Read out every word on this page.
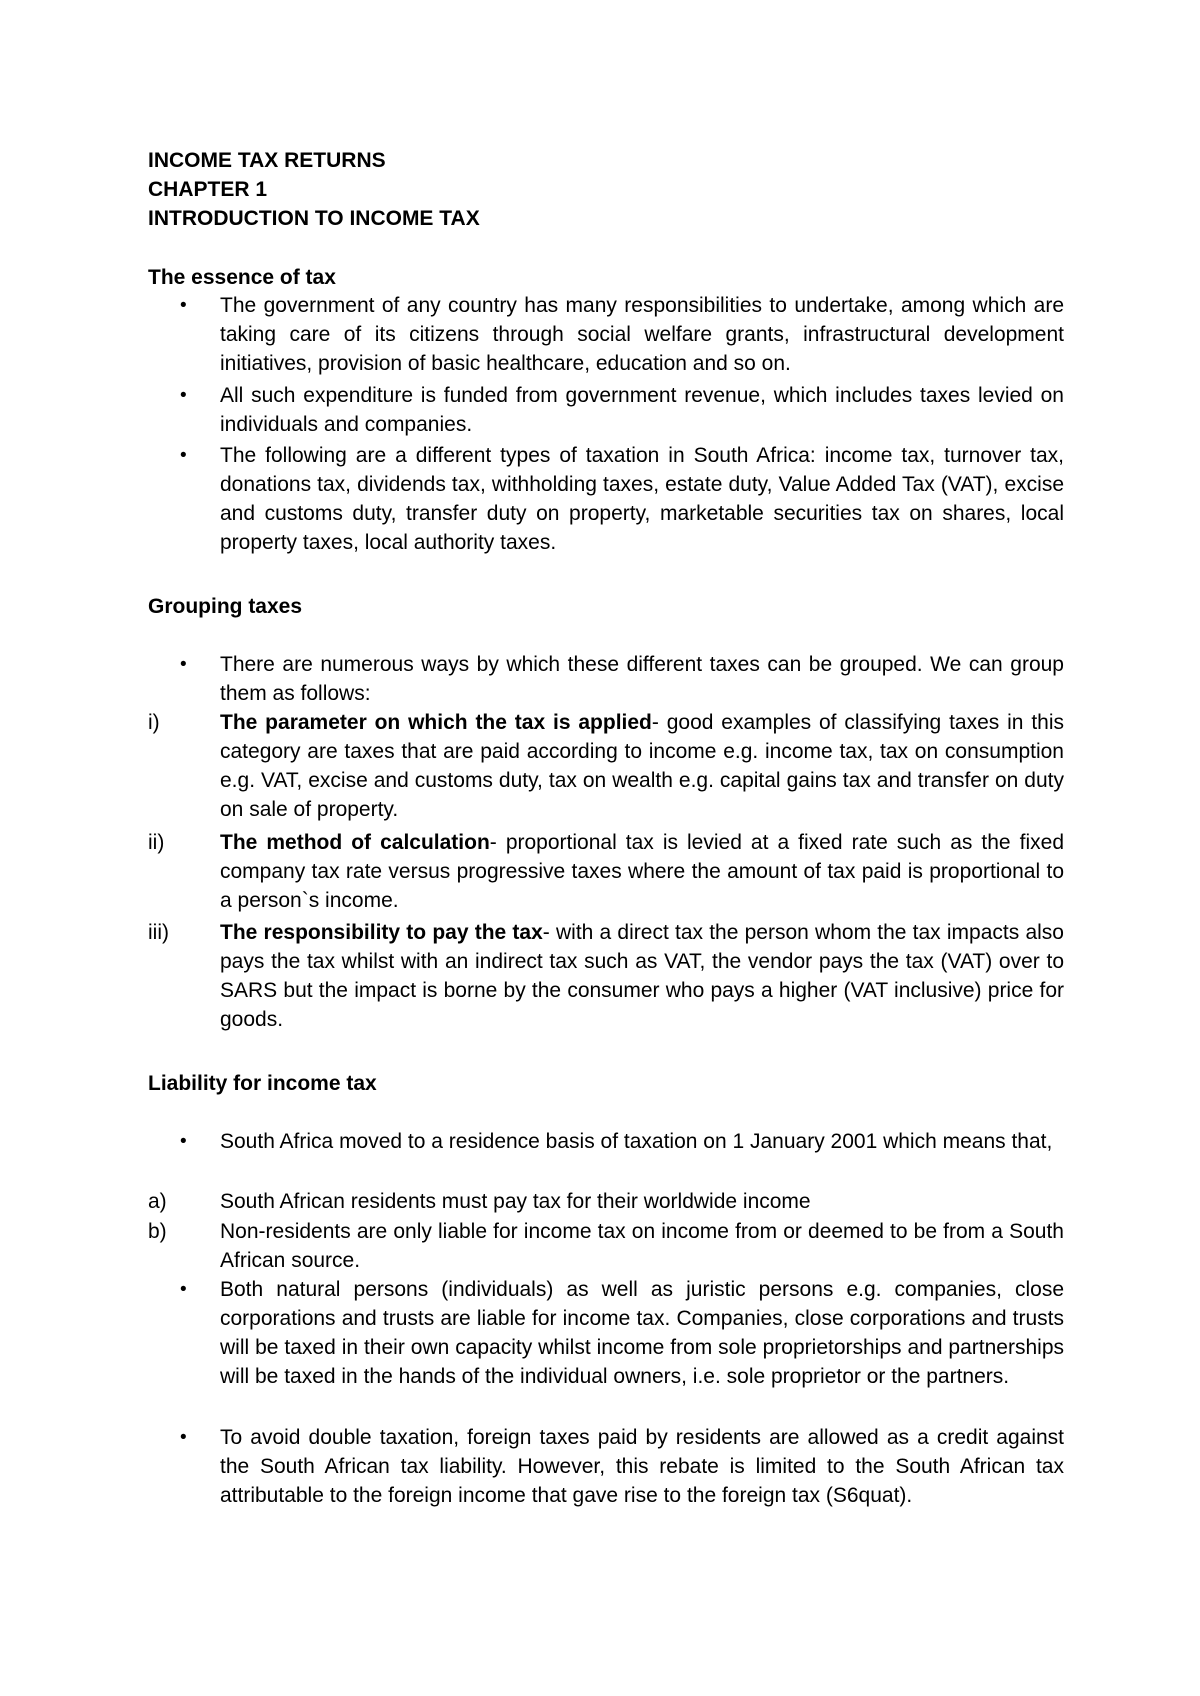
INCOME TAX RETURNS
CHAPTER 1
INTRODUCTION TO INCOME TAX
The essence of tax
•	The government of any country has many responsibilities to undertake, among which are taking care of its citizens through social welfare grants, infrastructural development initiatives, provision of basic healthcare, education and so on.
•	All such expenditure is funded from government revenue, which includes taxes levied on individuals and companies.
•	The following are a different types of taxation in South Africa: income tax, turnover tax, donations tax, dividends tax, withholding taxes, estate duty, Value Added Tax (VAT), excise and customs duty, transfer duty on property, marketable securities tax on shares, local property taxes, local authority taxes.
Grouping taxes
•	There are numerous ways by which these different taxes can be grouped. We can group them as follows:
i)	The parameter on which the tax is applied- good examples of classifying taxes in this category are taxes that are paid according to income e.g. income tax, tax on consumption e.g. VAT, excise and customs duty, tax on wealth e.g. capital gains tax and transfer on duty on sale of property.
ii)	The method of calculation- proportional tax is levied at a fixed rate such as the fixed company tax rate versus progressive taxes where the amount of tax paid is proportional to a person`s income.
iii)	The responsibility to pay the tax- with a direct tax the person whom the tax impacts also pays the tax whilst with an indirect tax such as VAT, the vendor pays the tax (VAT) over to SARS but the impact is borne by the consumer who pays a higher (VAT inclusive) price for goods.
Liability for income tax
•	South Africa moved to a residence basis of taxation on 1 January 2001 which means that,
a)	South African residents must pay tax for their worldwide income
b)	Non-residents are only liable for income tax on income from or deemed to be from a South African source.
•	Both natural persons (individuals) as well as juristic persons e.g. companies, close corporations and trusts are liable for income tax. Companies, close corporations and trusts will be taxed in their own capacity whilst income from sole proprietorships and partnerships will be taxed in the hands of the individual owners, i.e. sole proprietor or the partners.
•	To avoid double taxation, foreign taxes paid by residents are allowed as a credit against the South African tax liability. However, this rebate is limited to the South African tax attributable to the foreign income that gave rise to the foreign tax (S6quat).
